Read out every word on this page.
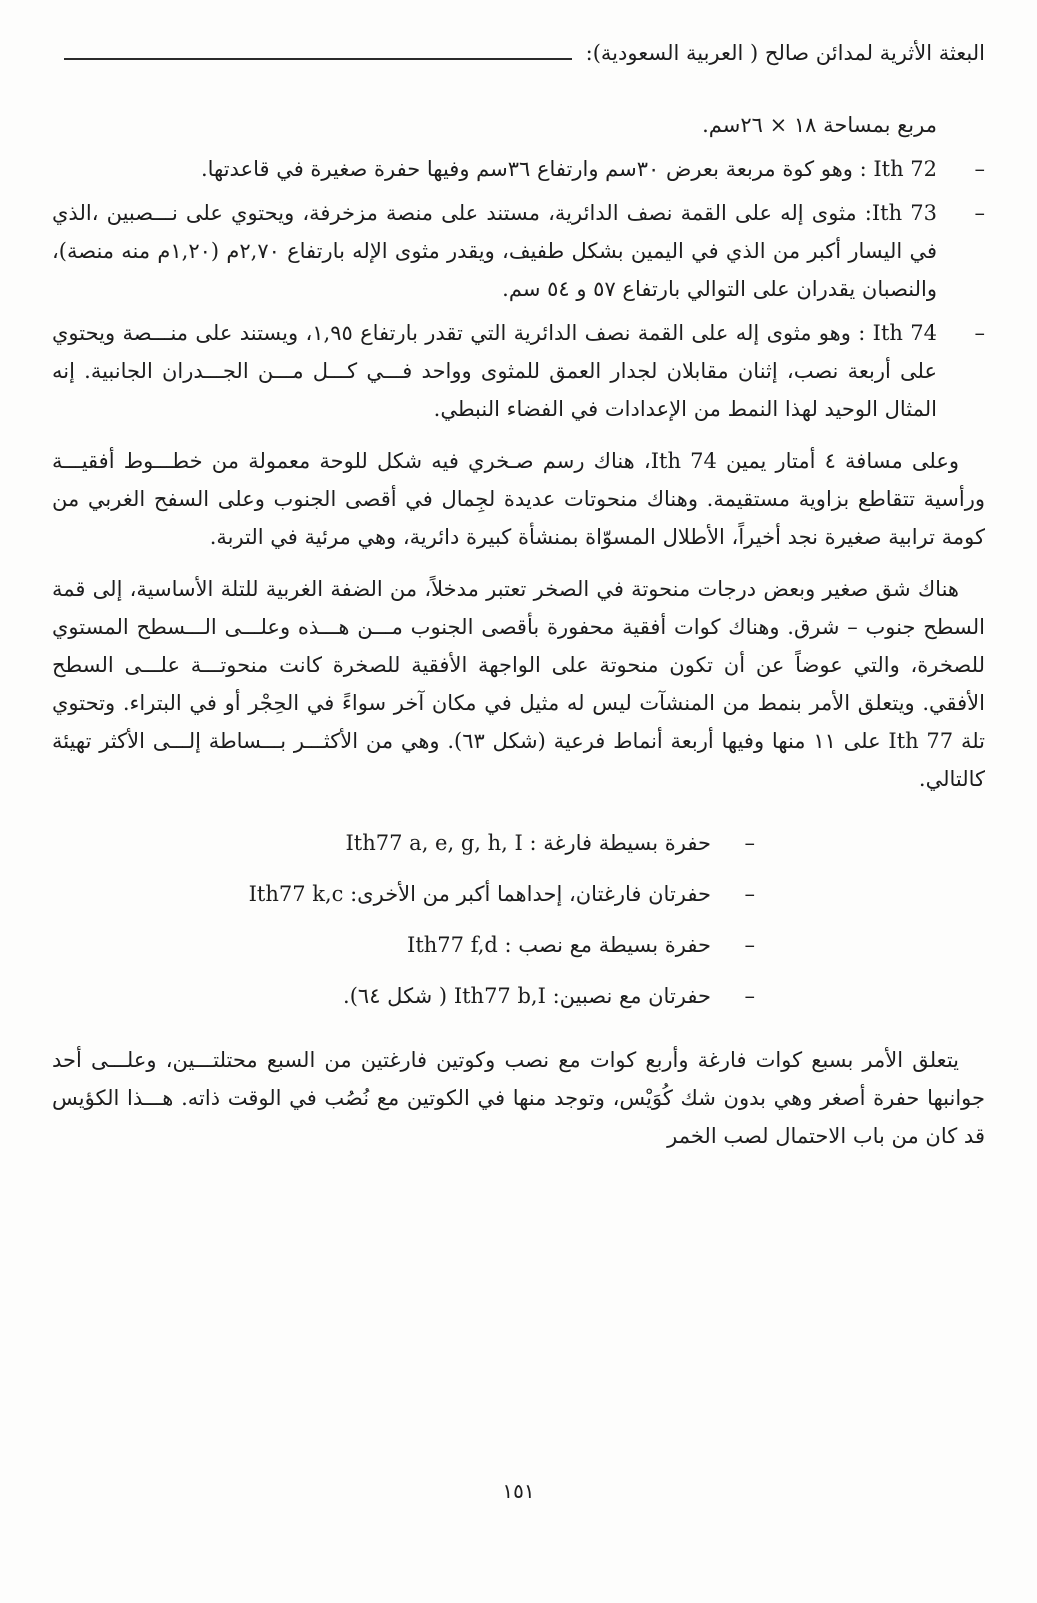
البعثة الأثرية لمدائن صالح ( العربية السعودية):

مربع بمساحة ١٨ × ٢٦سم.

–
Ith 72 : وهو كوة مربعة بعرض ٣٠سم وارتفاع ٣٦سم وفيها حفرة صغيرة في قاعدتها.
–
Ith 73: مثوى إله على القمة نصف الدائرية، مستند على منصة مزخرفة، ويحتوي على نـــصبين ،الذي في اليسار أكبر من الذي في اليمين بشكل طفيف، ويقدر مثوى الإله بارتفاع ٢,٧٠م (١,٢٠م منه منصة)، والنصبان يقدران على التوالي بارتفاع ٥٧ و ٥٤ سم.
–
Ith 74 : وهو مثوى إله على القمة نصف الدائرية التي تقدر بارتفاع ١,٩٥، ويستند على منـــصة ويحتوي على أربعة نصب، إثنان مقابلان لجدار العمق للمثوى وواحد فـــي كـــل مـــن الجـــدران الجانبية. إنه المثال الوحيد لهذا النمط من الإعدادات في الفضاء النبطي.

وعلى مسافة ٤ أمتار يمين Ith 74، هناك رسم صـخري فيه شكل للوحة معمولة من خطـــوط أفقيـــة ورأسية تتقاطع بزاوية مستقيمة. وهناك منحوتات عديدة لجِمال في أقصى الجنوب وعلى السفح الغربي من كومة ترابية صغيرة نجد أخيراً، الأطلال المسوّاة بمنشأة كبيرة دائرية، وهي مرئية في التربة.

هناك شق صغير وبعض درجات منحوتة في الصخر تعتبر مدخلاً، من الضفة الغربية للتلة الأساسية، إلى قمة السطح جنوب – شرق. وهناك كوات أفقية محفورة بأقصى الجنوب مـــن هـــذه وعلـــى الـــسطح المستوي للصخرة، والتي عوضاً عن أن تكون منحوتة على الواجهة الأفقية للصخرة كانت منحوتـــة علـــى السطح الأفقي. ويتعلق الأمر بنمط من المنشآت ليس له مثيل في مكان آخر سواءً في الحِجْر أو في البتراء. وتحتوي تلة Ith 77 على ١١ منها وفيها أربعة أنماط فرعية (شكل ٦٣). وهي من الأكثـــر بـــساطة إلـــى الأكثر تهيئة كالتالي.

–
حفرة بسيطة فارغة : Ith77 a, e, g, h, I
–
حفرتان فارغتان، إحداهما أكبر من الأخرى: Ith77 k,c
–
حفرة بسيطة مع نصب : Ith77 f,d
–
حفرتان مع نصبين: Ith77 b,I ( شكل ٦٤).

يتعلق الأمر بسبع كوات فارغة وأربع كوات مع نصب وكوتين فارغتين من السبع محتلتـــين، وعلـــى أحد جوانبها حفرة أصغر وهي بدون شك كُوَيْس، وتوجد منها في الكوتين مع نُصُب في الوقت ذاته. هـــذا الكؤيس قد كان من باب الاحتمال لصب الخمر

١٥١
